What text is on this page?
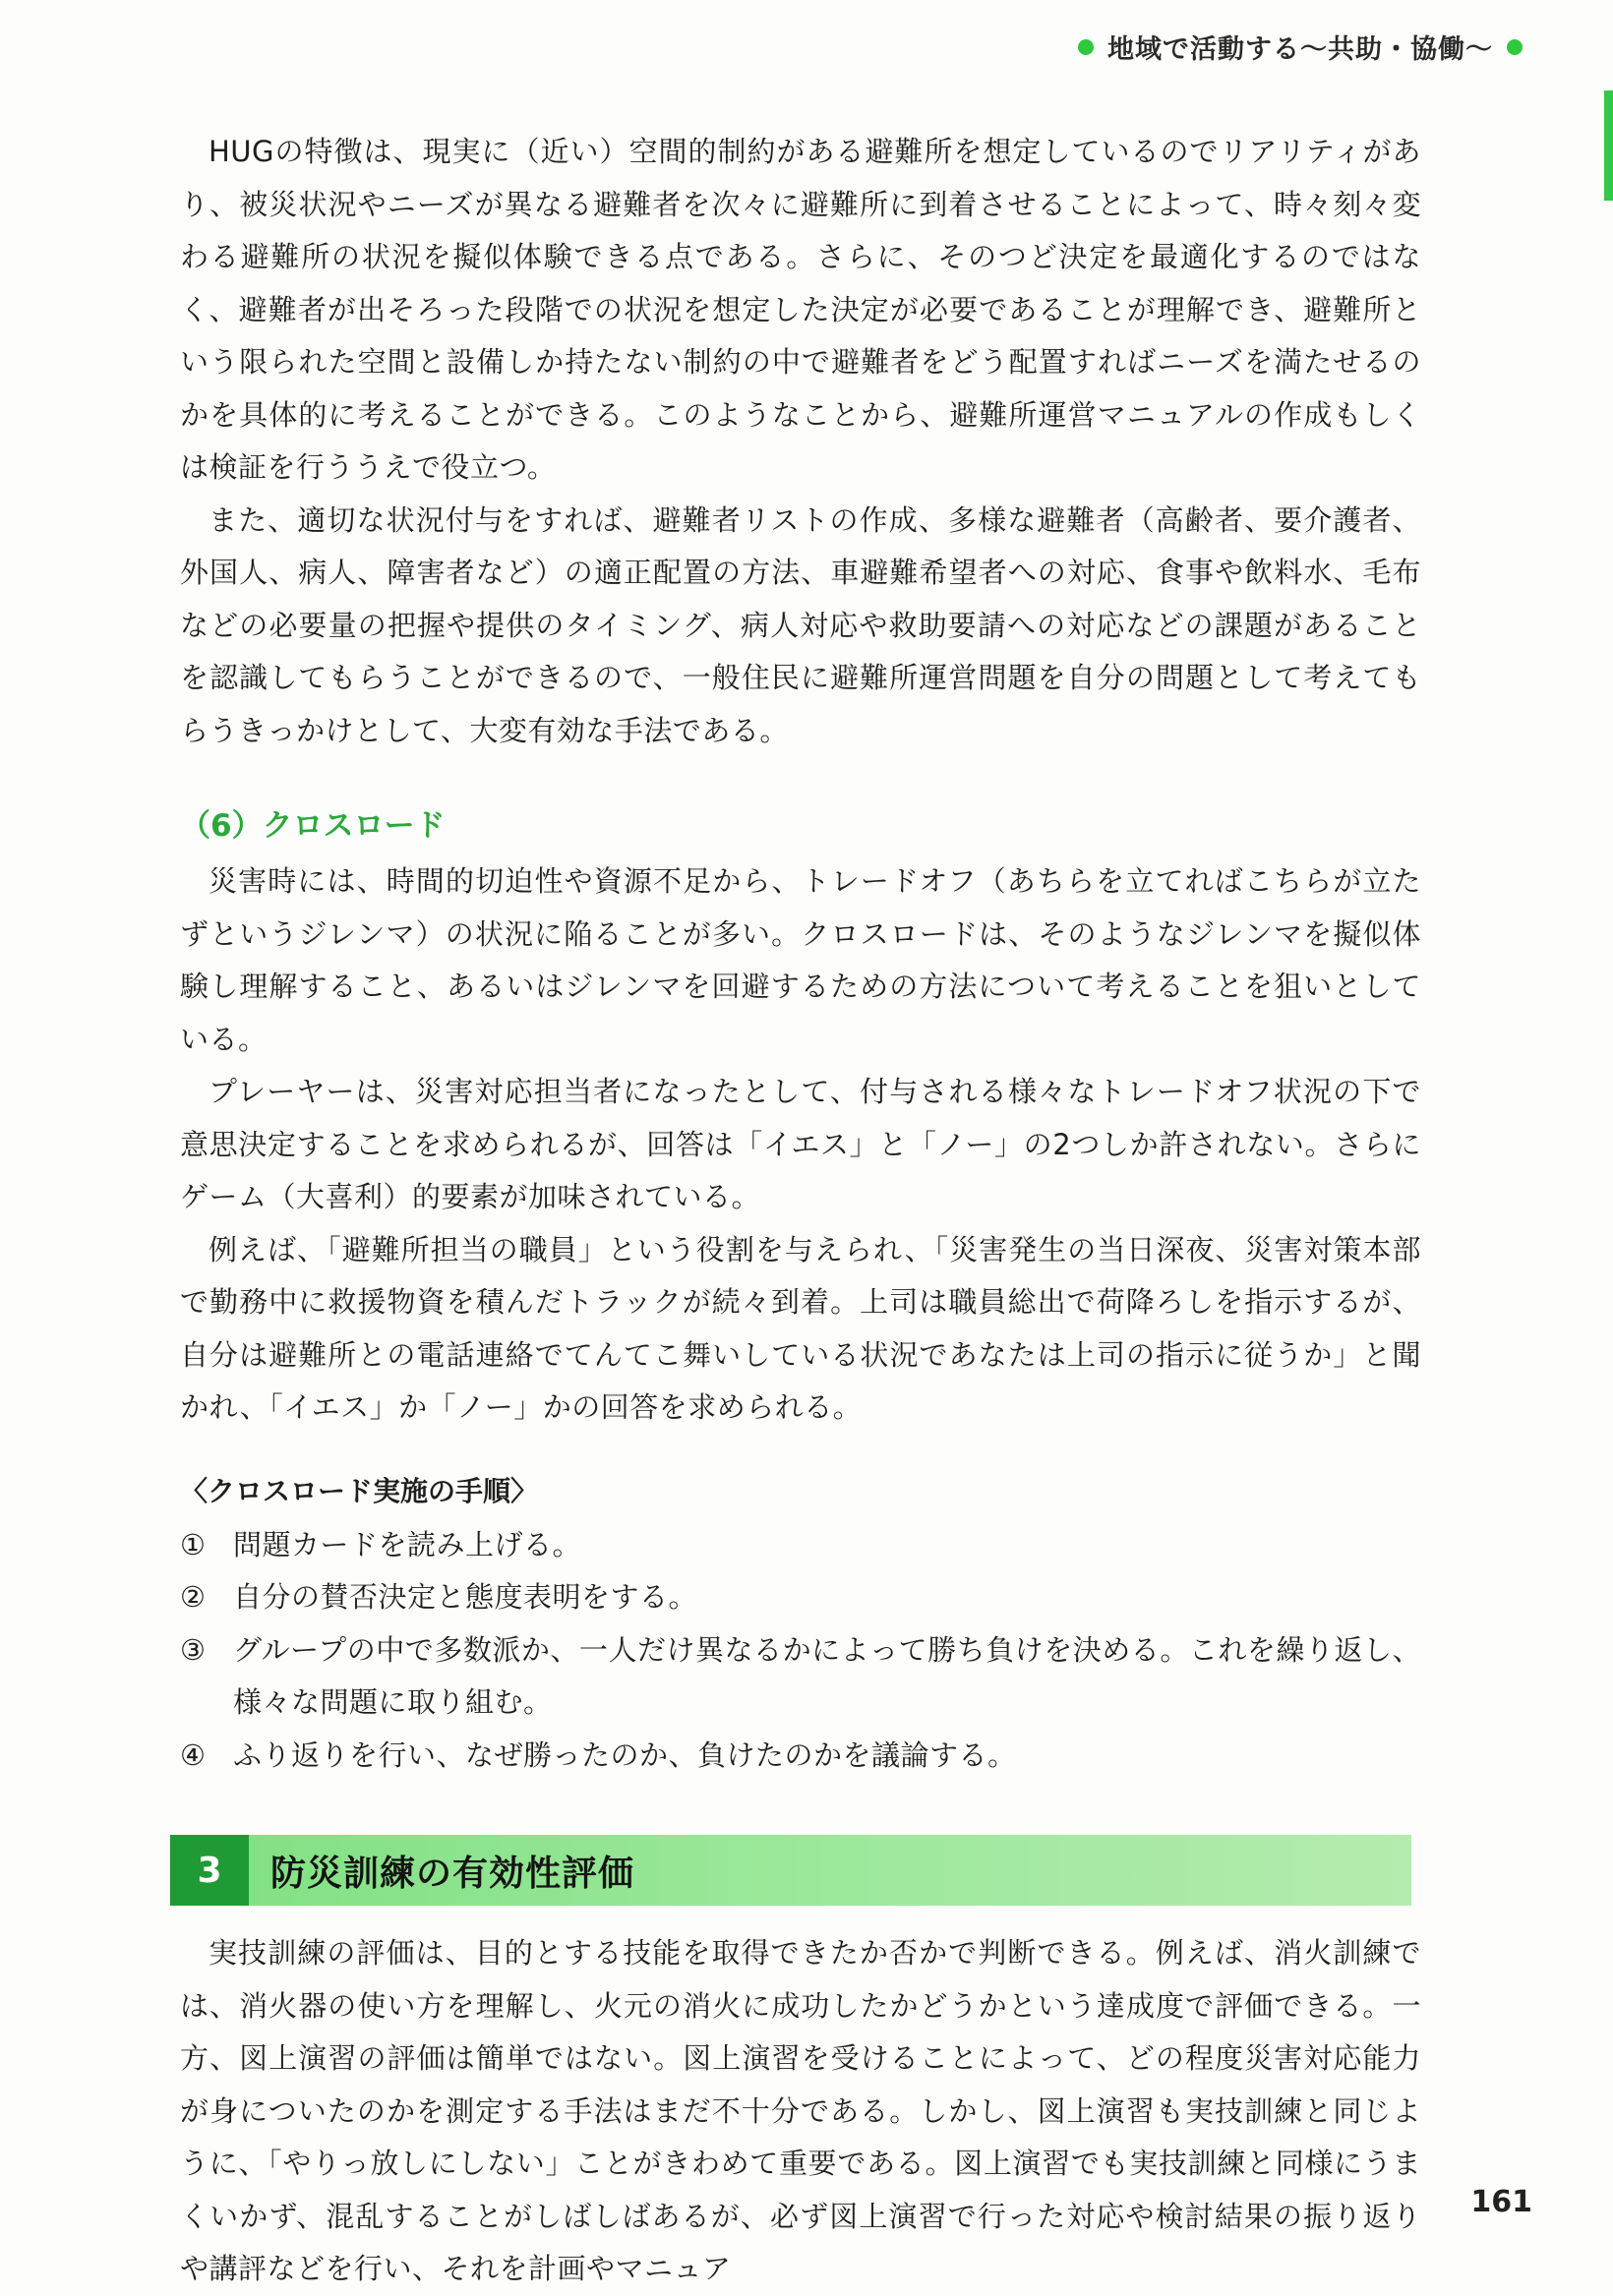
地域で活動する〜共助・協働〜

HUGの特徴は、現実に（近い）空間的制約がある避難所を想定しているのでリアリティがあり、被災状況やニーズが異なる避難者を次々に避難所に到着させることによって、時々刻々変わる避難所の状況を擬似体験できる点である。さらに、そのつど決定を最適化するのではなく、避難者が出そろった段階での状況を想定した決定が必要であることが理解でき、避難所という限られた空間と設備しか持たない制約の中で避難者をどう配置すればニーズを満たせるのかを具体的に考えることができる。このようなことから、避難所運営マニュアルの作成もしくは検証を行ううえで役立つ。

また、適切な状況付与をすれば、避難者リストの作成、多様な避難者（高齢者、要介護者、外国人、病人、障害者など）の適正配置の方法、車避難希望者への対応、食事や飲料水、毛布などの必要量の把握や提供のタイミング、病人対応や救助要請への対応などの課題があることを認識してもらうことができるので、一般住民に避難所運営問題を自分の問題として考えてもらうきっかけとして、大変有効な手法である。

（6）クロスロード

災害時には、時間的切迫性や資源不足から、トレードオフ（あちらを立てればこちらが立たずというジレンマ）の状況に陥ることが多い。クロスロードは、そのようなジレンマを擬似体験し理解すること、あるいはジレンマを回避するための方法について考えることを狙いとしている。

プレーヤーは、災害対応担当者になったとして、付与される様々なトレードオフ状況の下で意思決定することを求められるが、回答は「イエス」と「ノー」の2つしか許されない。さらにゲーム（大喜利）的要素が加味されている。

例えば、「避難所担当の職員」という役割を与えられ、「災害発生の当日深夜、災害対策本部で勤務中に救援物資を積んだトラックが続々到着。上司は職員総出で荷降ろしを指示するが、自分は避難所との電話連絡でてんてこ舞いしている状況であなたは上司の指示に従うか」と聞かれ、「イエス」か「ノー」かの回答を求められる。

〈クロスロード実施の手順〉
① 問題カードを読み上げる。
② 自分の賛否決定と態度表明をする。
③ グループの中で多数派か、一人だけ異なるかによって勝ち負けを決める。これを繰り返し、様々な問題に取り組む。
④ ふり返りを行い、なぜ勝ったのか、負けたのかを議論する。
3	防災訓練の有効性評価

実技訓練の評価は、目的とする技能を取得できたか否かで判断できる。例えば、消火訓練では、消火器の使い方を理解し、火元の消火に成功したかどうかという達成度で評価できる。一方、図上演習の評価は簡単ではない。図上演習を受けることによって、どの程度災害対応能力が身についたのかを測定する手法はまだ不十分である。しかし、図上演習も実技訓練と同じように、「やりっ放しにしない」ことがきわめて重要である。図上演習でも実技訓練と同様にうまくいかず、混乱することがしばしばあるが、必ず図上演習で行った対応や検討結果の振り返りや講評などを行い、それを計画やマニュア

161
